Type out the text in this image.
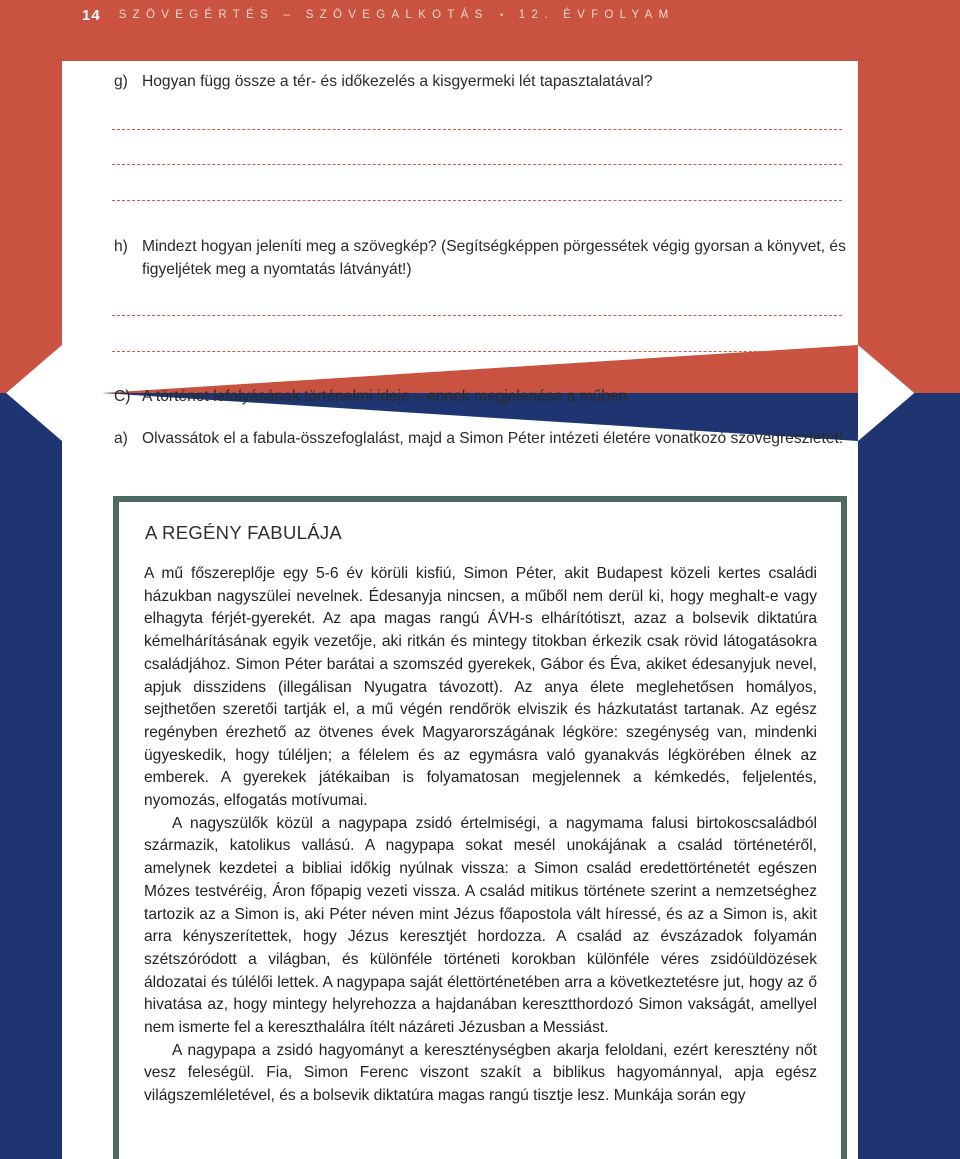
14 SZÖVEGÉRTÉS – SZÖVEGALKOTÁS • 12. ÉVFOLYAM
g) Hogyan függ össze a tér- és időkezelés a kisgyermeki lét tapasztalatával?
h) Mindezt hogyan jeleníti meg a szövegkép? (Segítségképpen pörgessétek végig gyorsan a könyvet, és figyeljétek meg a nyomtatás látványát!)
C) A történet lefolyásának történelmi ideje – ennek megjelenése a műben
a) Olvassátok el a fabula-összefoglalást, majd a Simon Péter intézeti életére vonatkozó szövegrészletet!
A REGÉNY FABULÁJA

A mű főszereplője egy 5-6 év körüli kisfiú, Simon Péter, akit Budapest közeli kertes családi házukban nagyszülei nevelnek. Édesanyja nincsen, a műből nem derül ki, hogy meghalt-e vagy elhagyta férjét-gyerekét. Az apa magas rangú ÁVH-s elhárítótiszt, azaz a bolsevik diktatúra kémelhárításának egyik vezetője, aki ritkán és mintegy titokban érkezik csak rövid látogatásokra családjához. Simon Péter barátai a szomszéd gyerekek, Gábor és Éva, akiket édesanyjuk nevel, apjuk disszidens (illegálisan Nyugatra távozott). Az anya élete meglehetősen homályos, sejthetően szeretői tartják el, a mű végén rendőrök elviszik és házkutatást tartanak. Az egész regényben érezhető az ötvenes évek Magyarországának légköre: szegénység van, mindenki ügyeskedik, hogy túléljen; a félelem és az egymásra való gyanakvás légkörében élnek az emberek. A gyerekek játékaiban is folyamatosan megjelennek a kémkedés, feljelentés, nyomozás, elfogatás motívumai.

A nagyszülők közül a nagypapa zsidó értelmiségi, a nagymama falusi birtokoscsaládból származik, katolikus vallású. A nagypapa sokat mesél unokájának a család történetéről, amelynek kezdetei a bibliai időkig nyúlnak vissza: a Simon család eredettörténetét egészen Mózes testvéréig, Áron főpapig vezeti vissza. A család mitikus története szerint a nemzetséghez tartozik az a Simon is, aki Péter néven mint Jézus főapostola vált híressé, és az a Simon is, akit arra kényszerítettek, hogy Jézus keresztjét hordozza. A család az évszázadok folyamán szétszóródott a világban, és különféle történeti korokban különféle véres zsidóüldözések áldozatai és túlélői lettek. A nagypapa saját élettörténetében arra a következtetésre jut, hogy az ő hivatása az, hogy mintegy helyrehozza a hajdanában keresztthordozó Simon vakságát, amellyel nem ismerte fel a kereszthalálra ítélt názáreti Jézusban a Messiást.

A nagypapa a zsidó hagyományt a kereszténységben akarja feloldani, ezért keresztény nőt vesz feleségül. Fia, Simon Ferenc viszont szakít a biblikus hagyománnyal, apja egész világszemléletével, és a bolsevik diktatúra magas rangú tisztje lesz. Munkája során egy
